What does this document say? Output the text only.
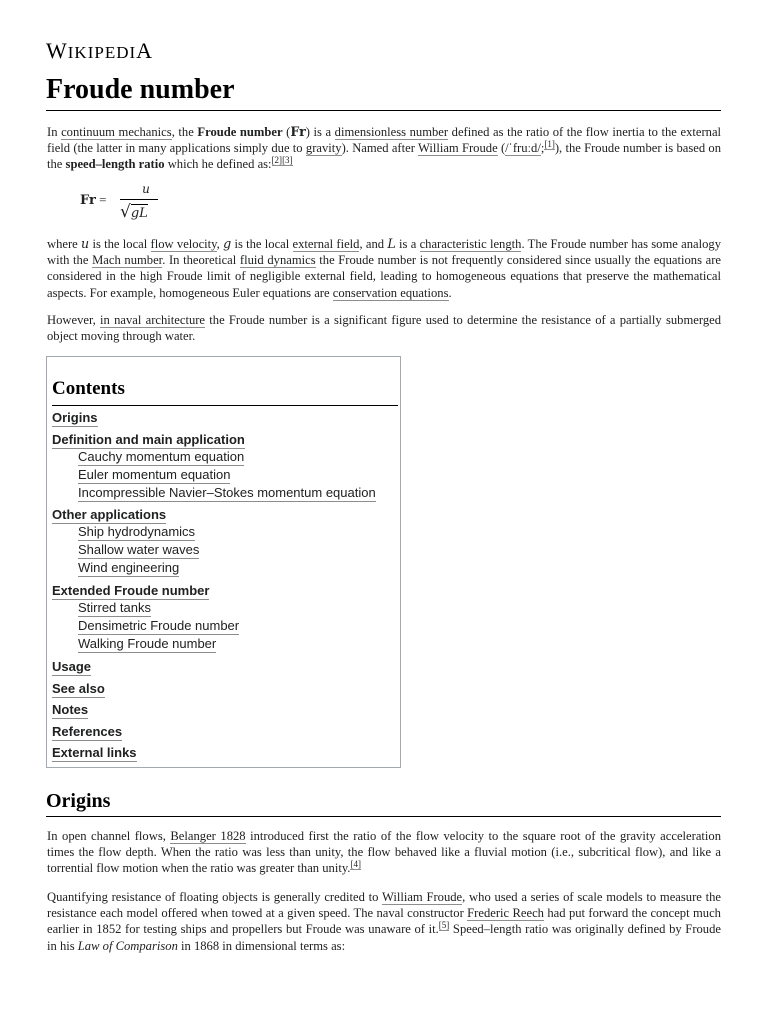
WIKIPEDIA
Froude number

In continuum mechanics, the Froude number (Fr) is a dimensionless number defined as the ratio of the flow inertia to the external field (the latter in many applications simply due to gravity). Named after William Froude (/ˈfruːd/;[1]), the Froude number is based on the speed–length ratio which he defined as:[2][3]

Fr =
u
√gL

where u is the local flow velocity, g is the local external field, and L is a characteristic length. The Froude number has some analogy with the Mach number. In theoretical fluid dynamics the Froude number is not frequently considered since usually the equations are considered in the high Froude limit of negligible external field, leading to homogeneous equations that preserve the mathematical aspects. For example, homogeneous Euler equations are conservation equations.

However, in naval architecture the Froude number is a significant figure used to determine the resistance of a partially submerged object moving through water.

Contents
Origins
Definition and main application
Cauchy momentum equation
Euler momentum equation
Incompressible Navier–Stokes momentum equation
Other applications
Ship hydrodynamics
Shallow water waves
Wind engineering
Extended Froude number
Stirred tanks
Densimetric Froude number
Walking Froude number
Usage
See also
Notes
References
External links
Origins

In open channel flows, Belanger 1828 introduced first the ratio of the flow velocity to the square root of the gravity acceleration times the flow depth. When the ratio was less than unity, the flow behaved like a fluvial motion (i.e., subcritical flow), and like a torrential flow motion when the ratio was greater than unity.[4]

Quantifying resistance of floating objects is generally credited to William Froude, who used a series of scale models to measure the resistance each model offered when towed at a given speed. The naval constructor Frederic Reech had put forward the concept much earlier in 1852 for testing ships and propellers but Froude was unaware of it.[5] Speed–length ratio was originally defined by Froude in his Law of Comparison in 1868 in dimensional terms as:
